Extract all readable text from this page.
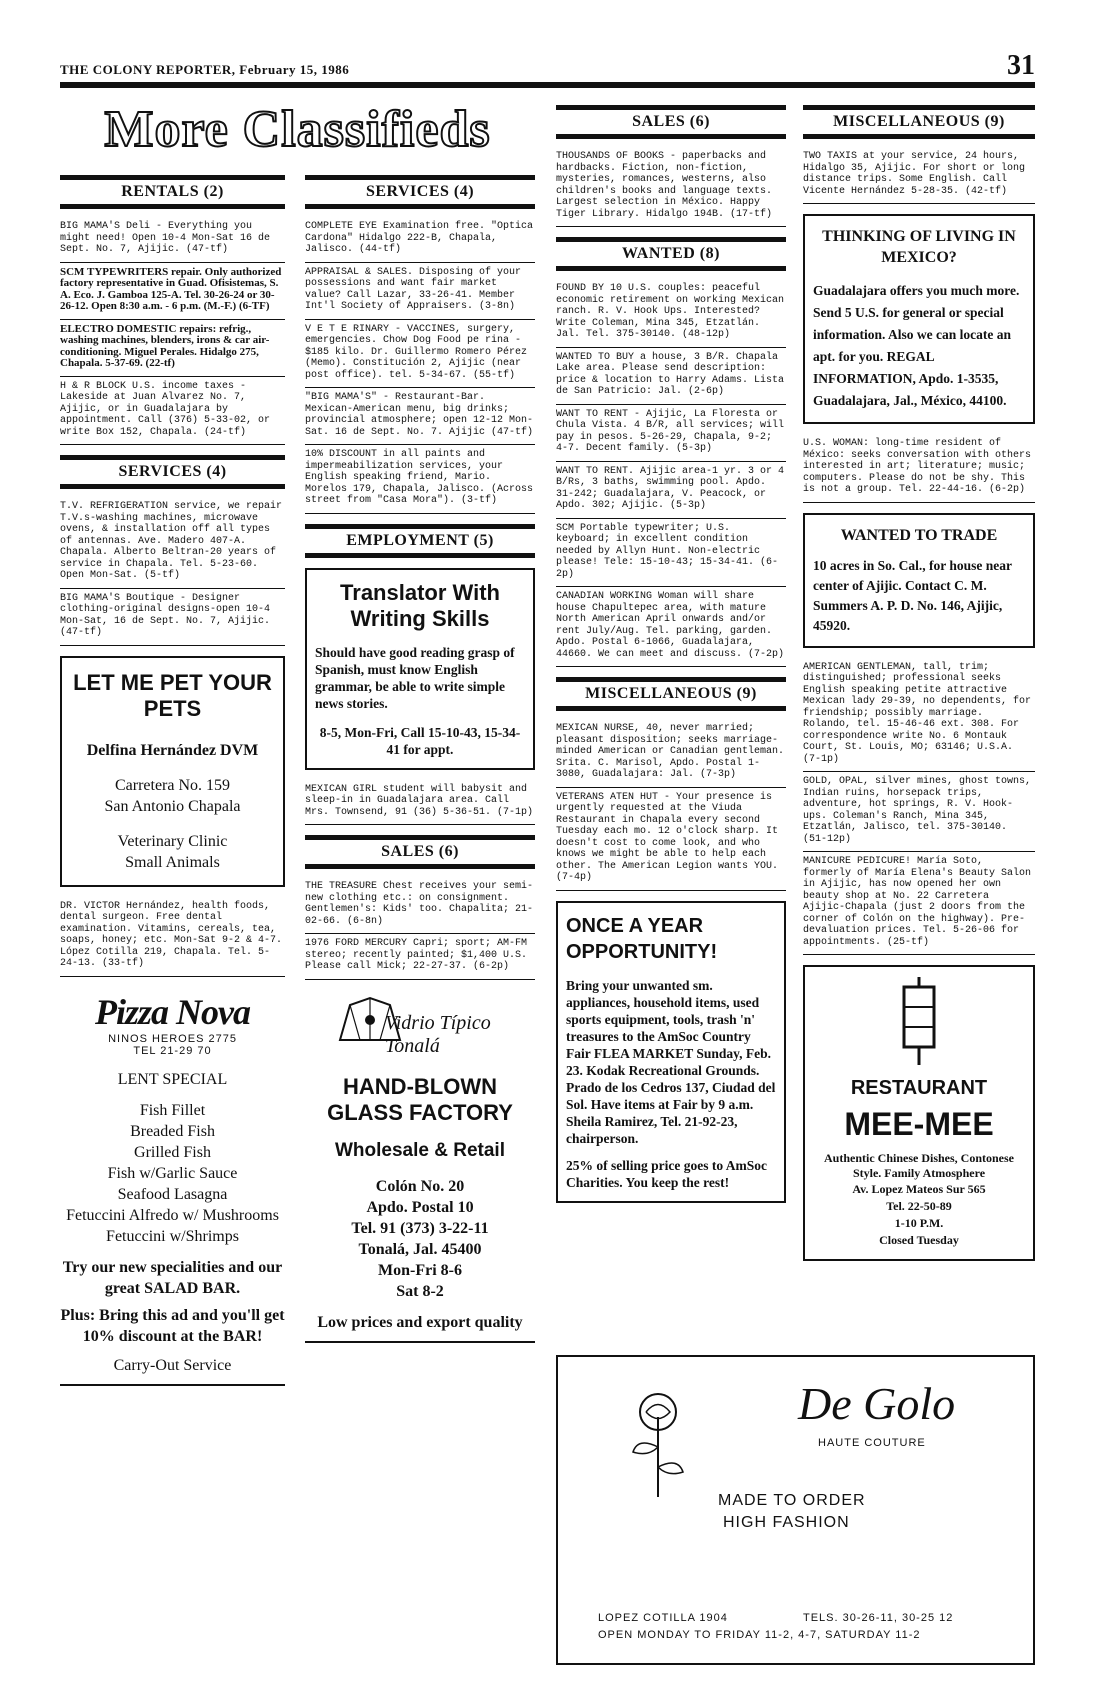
THE COLONY REPORTER, February 15, 1986	31
More Classifieds
RENTALS (2)

BIG MAMA'S Deli - Everything you might need! Open 10-4 Mon-Sat 16 de Sept. No. 7, Ajijic. (47-tf)

SCM TYPEWRITERS repair. Only authorized factory representative in Guad. Ofisistemas, S. A. Eco. J. Gamboa 125-A. Tel. 30-26-24 or 30-26-12. Open 8:30 a.m. - 6 p.m. (M.-F.) (6-TF)

ELECTRO DOMESTIC repairs: refrig., washing machines, blenders, irons & car air-conditioning. Miguel Perales. Hidalgo 275, Chapala. 5-37-69. (22-tf)

H & R BLOCK U.S. income taxes - Lakeside at Juan Alvarez No. 7, Ajijic, or in Guadalajara by appointment. Call (376) 5-33-02, or write Box 152, Chapala. (24-tf)

SERVICES (4)

T.V. REFRIGERATION service, we repair T.V.s-washing machines, microwave ovens, & installation off all types of antennas. Ave. Madero 407-A. Chapala. Alberto Beltran-20 years of service in Chapala. Tel. 5-23-60. Open Mon-Sat. (5-tf)

BIG MAMA'S Boutique - Designer clothing-original designs-open 10-4 Mon-Sat, 16 de Sept. No. 7, Ajijic. (47-tf)

LET ME PET YOUR PETS
Delfina Hernández DVM
Carretera No. 159
San Antonio Chapala
Veterinary Clinic
Small Animals

DR. VICTOR Hernández, health foods, dental surgeon. Free dental examination. Vitamins, cereals, tea, soaps, honey; etc. Mon-Sat 9-2 & 4-7. López Cotilla 219, Chapala. Tel. 5-24-13. (33-tf)

Pizza Nova
NINOS HEROES 2775
TEL 21-29 70
LENT SPECIAL
Fish Fillet
Breaded Fish
Grilled Fish
Fish w/Garlic Sauce
Seafood Lasagna
Fetuccini Alfredo w/ Mushrooms
Fetuccini w/Shrimps
Try our new specialities and our great SALAD BAR.
Plus: Bring this ad and you'll get 10% discount at the BAR!
Carry-Out Service
SERVICES (4)

COMPLETE EYE Examination free. "Optica Cardona" Hidalgo 222-B, Chapala, Jalisco. (44-tf)

APPRAISAL & SALES. Disposing of your possessions and want fair market value? Call Lazar, 33-26-41. Member Int'l Society of Appraisers. (3-8n)

V E T E RINARY - VACCINES, surgery, emergencies. Chow Dog Food pe rina - $185 kilo. Dr. Guillermo Romero Pérez (Memo). Constitución 2, Ajijic (near post office). tel. 5-34-67. (55-tf)

"BIG MAMA'S" - Restaurant-Bar. Mexican-American menu, big drinks; provincial atmosphere; open 12-12 Mon-Sat. 16 de Sept. No. 7. Ajijic (47-tf)

10% DISCOUNT in all paints and impermeabilization services, your English speaking friend, Mario. Morelos 179, Chapala, Jalisco. (Across street from "Casa Mora"). (3-tf)

EMPLOYMENT (5)
Translator With Writing Skills
Should have good reading grasp of Spanish, must know English grammar, be able to write simple news stories.
8-5, Mon-Fri, Call 15-10-43, 15-34-41 for appt.

MEXICAN GIRL student will babysit and sleep-in in Guadalajara area. Call Mrs. Townsend, 91 (36) 5-36-51. (7-1p)

SALES (6)

THE TREASURE Chest receives your semi-new clothing etc.: on consignment. Gentlemen's: Kids' too. Chapalita; 21-02-66. (6-8n)

1976 FORD MERCURY Capri; sport; AM-FM stereo; recently painted; $1,400 U.S. Please call Mick; 22-27-37. (6-2p)

Vidrio Típico Tonalá
HAND-BLOWN GLASS FACTORY
Wholesale & Retail
Colón No. 20
Apdo. Postal 10
Tel. 91 (373) 3-22-11
Tonalá, Jal. 45400
Mon-Fri 8-6
Sat 8-2
Low prices and export quality
SALES (6)

THOUSANDS OF BOOKS - paperbacks and hardbacks. Fiction, non-fiction, mysteries, romances, westerns, also children's books and language texts. Largest selection in México. Happy Tiger Library. Hidalgo 194B. (17-tf)

WANTED (8)

FOUND BY 10 U.S. couples: peaceful economic retirement on working Mexican ranch. R. V. Hook Ups. Interested? Write Coleman, Mina 345, Etzatlán. Jal. Tel. 375-30140. (48-12p)

WANTED TO BUY a house, 3 B/R. Chapala Lake area. Please send description: price & location to Harry Adams. Lista de San Patricio: Jal. (2-6p)

WANT TO RENT - Ajijic, La Floresta or Chula Vista. 4 B/R, all services; will pay in pesos. 5-26-29, Chapala, 9-2; 4-7. Decent family. (5-3p)

WANT TO RENT. Ajijic area-1 yr. 3 or 4 B/Rs, 3 baths, swimming pool. Apdo. 31-242; Guadalajara, V. Peacock, or Apdo. 302; Ajijic. (5-3p)

SCM Portable typewriter; U.S. keyboard; in excellent condition needed by Allyn Hunt. Non-electric please! Tele: 15-10-43; 15-34-41. (6-2p)

CANADIAN WORKING Woman will share house Chapultepec area, with mature North American April onwards and/or rent July/Aug. Tel. parking, garden. Apdo. Postal 6-1066, Guadalajara, 44660. We can meet and discuss. (7-2p)

MISCELLANEOUS (9)

MEXICAN NURSE, 40, never married; pleasant disposition; seeks marriage-minded American or Canadian gentleman. Srita. C. Marisol, Apdo. Postal 1-3080, Guadalajara: Jal. (7-3p)

VETERANS ATEN HUT - Your presence is urgently requested at the Viuda Restaurant in Chapala every second Tuesday each mo. 12 o'clock sharp. It doesn't cost to come look, and who knows we might be able to help each other. The American Legion wants YOU. (7-4p)

ONCE A YEAR OPPORTUNITY!
Bring your unwanted sm. appliances, household items, used sports equipment, tools, trash 'n' treasures to the AmSoc Country Fair FLEA MARKET Sunday, Feb. 23. Kodak Recreational Grounds. Prado de los Cedros 137, Ciudad del Sol. Have items at Fair by 9 a.m. Sheila Ramirez, Tel. 21-92-23, chairperson.
25% of selling price goes to AmSoc Charities. You keep the rest!
MISCELLANEOUS (9)

TWO TAXIS at your service, 24 hours, Hidalgo 35, Ajijic. For short or long distance trips. Some English. Call Vicente Hernández 5-28-35. (42-tf)

THINKING OF LIVING IN MEXICO?
Guadalajara offers you much more. Send 5 U.S. for general or special information. Also we can locate an apt. for you. REGAL INFORMATION, Apdo. 1-3535, Guadalajara, Jal., México, 44100.

U.S. WOMAN: long-time resident of México: seeks conversation with others interested in art; literature; music; computers. Please do not be shy. This is not a group. Tel. 22-44-16. (6-2p)

WANTED TO TRADE
10 acres in So. Cal., for house near center of Ajijic. Contact C. M. Summers A. P. D. No. 146, Ajijic, 45920.

AMERICAN GENTLEMAN, tall, trim; distinguished; professional seeks English speaking petite attractive Mexican lady 29-39, no dependents, for friendship; possibly marriage. Rolando, tel. 15-46-46 ext. 308. For correspondence write No. 6 Montauk Court, St. Louis, MO; 63146; U.S.A. (7-1p)

GOLD, OPAL, silver mines, ghost towns, Indian ruins, horsepack trips, adventure, hot springs, R. V. Hook-ups. Coleman's Ranch, Mina 345, Etzatlán, Jalisco, tel. 375-30140. (51-12p)

MANICURE PEDICURE! María Soto, formerly of María Elena's Beauty Salon in Ajijic, has now opened her own beauty shop at No. 22 Carretera Ajijic-Chapala (just 2 doors from the corner of Colón on the highway). Pre-devaluation prices. Tel. 5-26-06 for appointments. (25-tf)

RESTAURANT
MEE-MEE
Authentic Chinese Dishes, Contonese Style. Family Atmosphere
Av. Lopez Mateos Sur 565
Tel. 22-50-89
1-10 P.M.
Closed Tuesday
De Golo
HAUTE COUTURE
MADE TO ORDER
HIGH FASHION
LOPEZ COTILLA 1904	TELS. 30-26-11, 30-25 12
OPEN MONDAY TO FRIDAY 11-2, 4-7, SATURDAY 11-2
